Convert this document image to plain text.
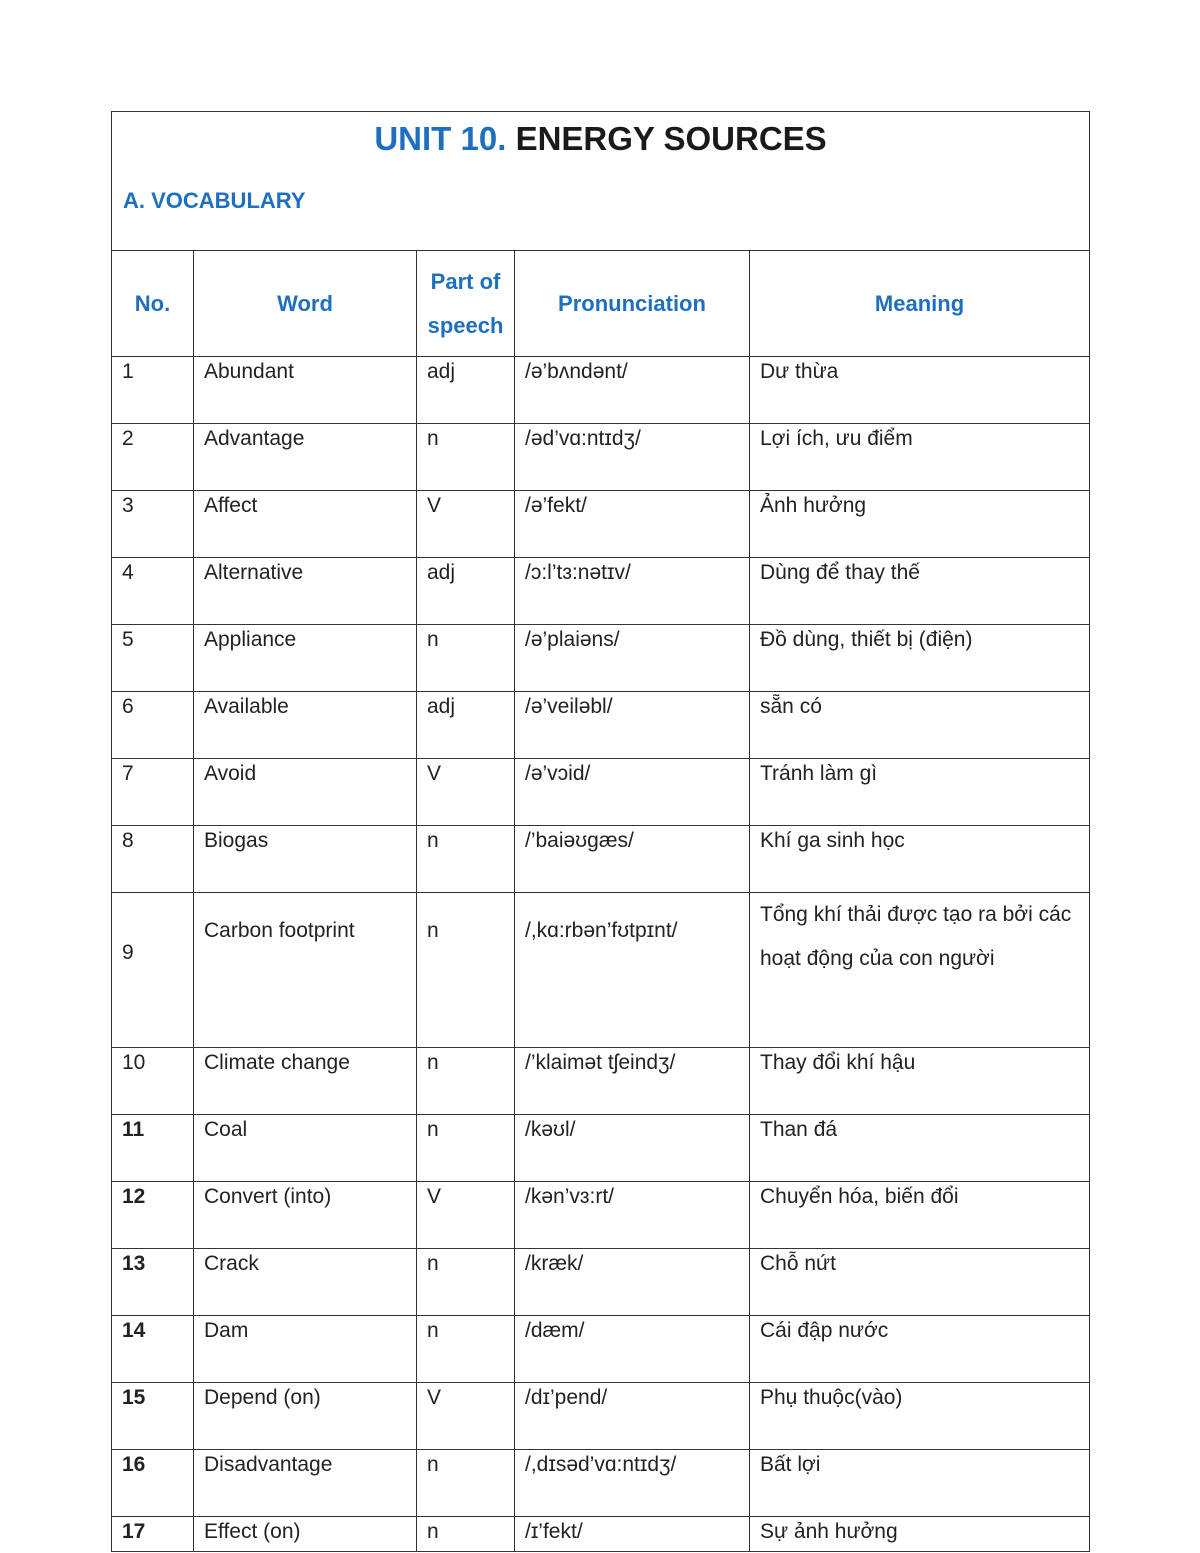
UNIT 10. ENERGY SOURCES
A. VOCABULARY				

No.	Word	Part of speech	Pronunciation	Meaning
1	Abundant	adj	/ə’bʌndənt/	Dư thừa
2	Advantage	n	/əd’vɑ:ntɪdʒ/	Lợi ích, ưu điểm
3	Affect	V	/ə’fekt/	Ảnh hưởng
4	Alternative	adj	/ɔ:l’tɜ:nətɪv/	Dùng để thay thế
5	Appliance	n	/ə’plaiəns/	Đồ dùng, thiết bị (điện)
6	Available	adj	/ə’veiləbl/	sẵn có
7	Avoid	V	/ə’vɔid/	Tránh làm gì
8	Biogas	n	/’baiəʊgæs/	Khí ga sinh học
9	Carbon footprint	n	/,kɑ:rbən’fʊtpɪnt/	Tổng khí thải được tạo ra bởi các hoạt động của con người
10	Climate change	n	/’klaimət tʃeindʒ/	Thay đổi khí hậu
11	Coal	n	/kəʊl/	Than đá
12	Convert (into)	V	/kən’vɜ:rt/	Chuyển hóa, biến đổi
13	Crack	n	/kræk/	Chỗ nứt
14	Dam	n	/dæm/	Cái đập nước
15	Depend (on)	V	/dɪ’pend/	Phụ thuộc(vào)
16	Disadvantage	n	/,dɪsəd’vɑ:ntɪdʒ/	Bất lợi
17	Effect (on)	n	/ɪ’fekt/	Sự ảnh hưởng
